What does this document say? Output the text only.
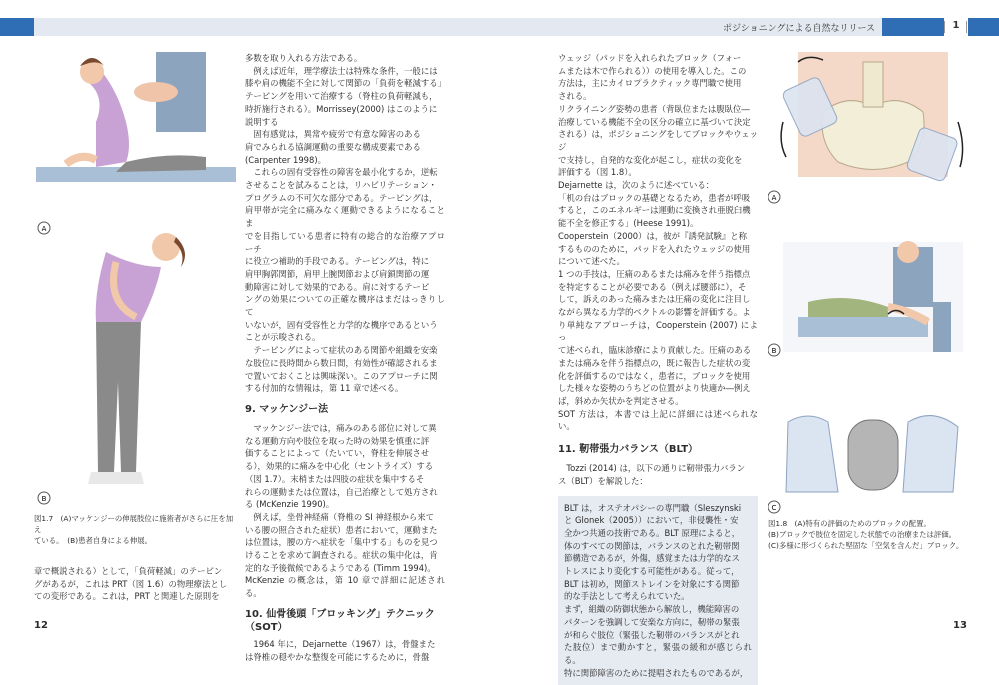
ポジショニングによる自然なリリース	1
A
B
図1.7　(A)マッケンジーの伸展肢位に施術者がさらに圧を加え
ている。　(B)患者自身による伸展。

章で概説される）として，「負荷軽減」のテーピン

グがあるが，これは PRT（図 1.6）の物理療法とし

ての変形である。これは，PRT と関連した原則を

多数を取り入れる方法である。

　例えば近年，理学療法士は特殊な条件，一般には

膝や肩の機能不全に対して関節の「負荷を軽減する」

テーピングを用いて治療する（脊柱の負荷軽減も，

時折施行される）。Morrissey(2000) はこのように

説明する

　固有感覚は，異常や疲労で有意な障害のある

肩でみられる協調運動の重要な構成要素である

(Carpenter 1998)。

　これらの固有受容性の障害を最小化するか，逆転

させることを試みることは，リハビリテーション・

プログラムの不可欠な部分である。テーピングは，

肩甲帯が完全に痛みなく運動できるようになることま

でを目指している患者に特有の総合的な治療アプローチ

に役立つ補助的手段である。テーピングは，特に

肩甲胸郭関節，肩甲上腕関節および肩鎖関節の運

動障害に対して効果的である。肩に対するテーピ

ングの効果についての正確な機序はまだはっきりして

いないが，固有受容性と力学的な機序であるという

ことが示唆される。

　テーピングによって症状のある関節や組織を安楽

な肢位に長時間から数日間，有効性が確認されるま

で置いておくことは興味深い。このアプローチに関

する付加的な情報は，第 11 章で述べる。

9. マッケンジー法

　マッケンジー法では，痛みのある部位に対して異

なる運動方向や肢位を取った時の効果を慎重に評

価することによって（たいてい，脊柱を伸展させ

る），効果的に痛みを中心化（セントライズ）する

（図 1.7）。末梢または四肢の症状を集中するそ

れらの運動または位置は，自己治療として処方され

る (McKenzie 1990)。

　例えば，坐骨神経痛（脊椎の SI 神経根から来て

いる腰の照合された症状）患者において，運動また

は位置は，腰の方へ症状を「集中する」ものを見つ

けることを求めて調査される。症状の集中化は，肯

定的な予後微候であるようである (Timm 1994)。

McKenzie の概念は，第 10 章で詳細に記述される。

10. 仙骨後頭「ブロッキング」テクニック
（SOT）

　1964 年に，Dejarnette（1967）は，骨盤また

は脊椎の穏やかな整復を可能にするために，骨盤

12

ウェッジ（パッドを入れられたブロック（フォー

ムまたは木で作られる））の使用を導入した。この

方法は，主にカイロプラクティック専門職で使用

される。

リクライニング姿勢の患者（背臥位または腹臥位―

治療している機能不全の区分の確立に基づいて決定

される）は，ポジショニングをしてブロックやウェッジ

で支持し，自発的な変化が起こし，症状の変化を

評価する（図 1.8）。

Dejarnette は，次のように述べている：

「机の台はブロックの基礎となるため，患者が呼吸

すると，このエネルギーは運動に変換され亜脱臼機

能不全を修正する」(Heese 1991)。

Cooperstein（2000）は，彼が『誘発試験』と称

するもののために，パッドを入れたウェッジの使用

について述べた。

1 つの手技は，圧痛のあるまたは痛みを伴う指標点

を特定することが必要である（例えば腰部に），そ

して，訴えのあった痛みまたは圧痛の変化に注目し

ながら異なる力学的ベクトルの影響を評価する。よ

り単純なアプローチは，Cooperstein (2007) によっ

て述べられ，臨床診療により貢献した。圧痛のある

または痛みを伴う指標点の，既に報告した症状の変

化を評価するのではなく，患者に，ブロックを使用

した様々な姿勢のうちどの位置がより快適か―例え

ば，斜めか矢状かを判定させる。

SOT 方法は，本書では上記に詳細には述べられない。

11. 靭帯張力バランス（BLT）

　Tozzi (2014) は，以下の通りに靭帯張力バラン

ス（BLT）を解説した：

BLT は，オステオパシーの専門職（Sleszynski

と Glonek（2005））において，非侵襲性・安

全かつ共通の技術である。BLT 原理によると，

体のすべての関節は，バランスのとれた靭帯関

節構造であるが，外傷，感覚または力学的なス

トレスにより変化する可能性がある。従って，

BLT は初め，関節ストレインを対象にする関節

的な手法として考えられていた。

まず，組織の防御状態から解放し，機能障害の

パターンを強調して安楽な方向に，靭帯の緊張

が和らぐ肢位（緊張した靭帯のバランスがとれ

た肢位）まで動かすと，緊張の緩和が感じられる。

特に関節障害のために提唱されたものであるが，

A
B
C
図1.8　(A)特有の評価のためのブロックの配置。
(B)ブロックで肢位を固定した状態での治療または評価。
(C)多様に形づくられた堅固な「空気を含んだ」ブロック。
13
